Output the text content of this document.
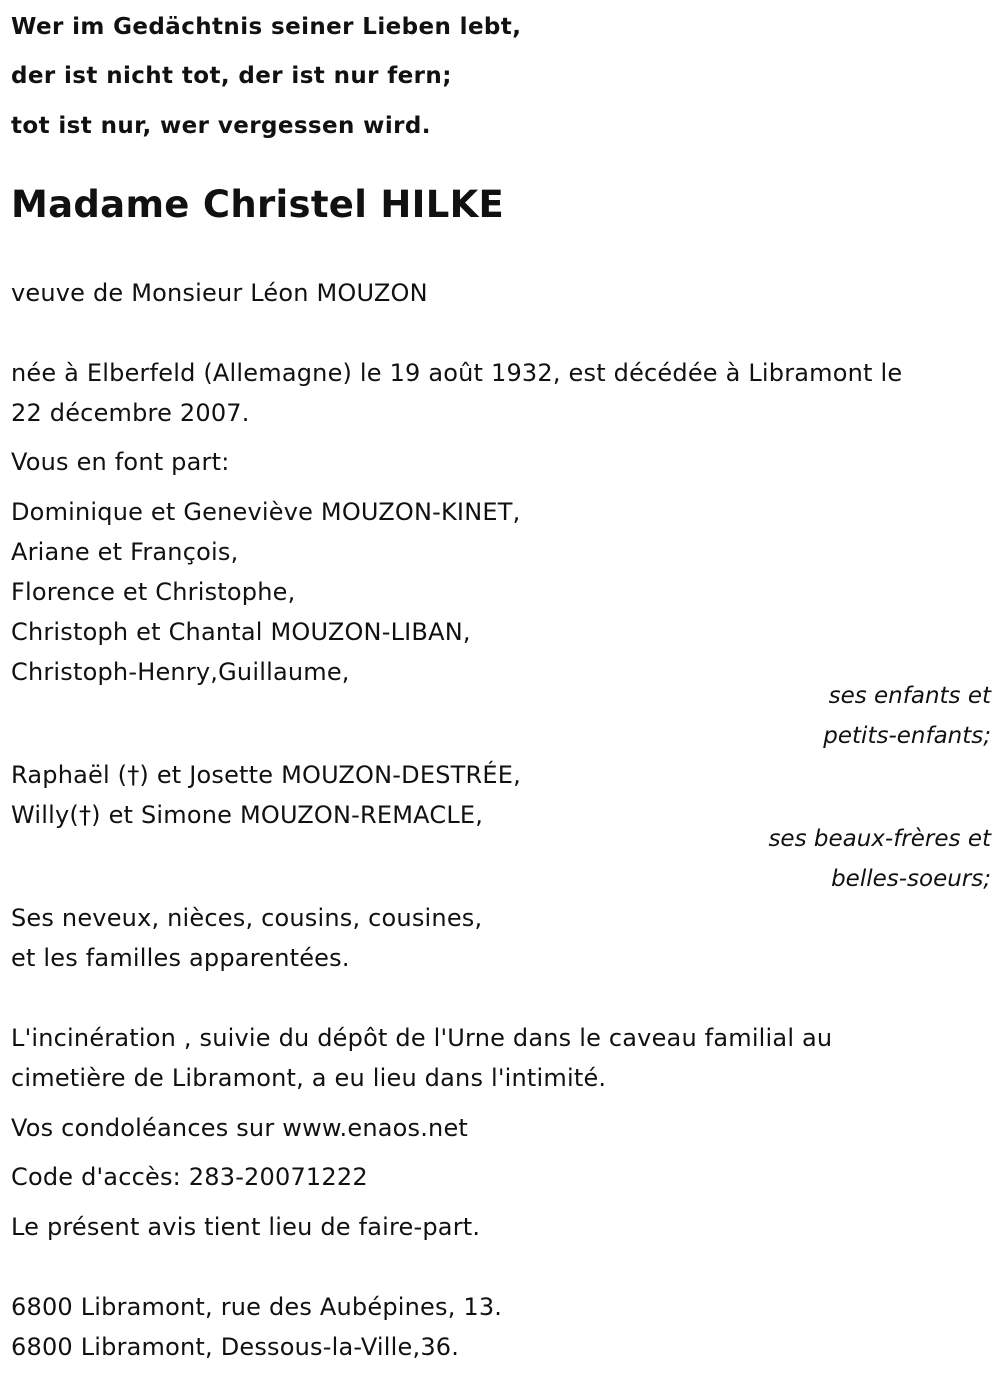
Wer im Gedächtnis seiner Lieben lebt,
der ist nicht tot, der ist nur fern;
tot ist nur, wer vergessen wird.
Madame Christel HILKE
veuve de Monsieur Léon MOUZON
née à Elberfeld (Allemagne) le 19 août 1932, est décédée à Libramont le
22 décembre 2007.
Vous en font part:
Dominique et Geneviève MOUZON-KINET,
Ariane et François,
Florence et Christophe,
Christoph et Chantal MOUZON-LIBAN,
Christoph-Henry,Guillaume,
ses enfants et
petits-enfants;
Raphaël (†) et Josette MOUZON-DESTRÉE,
Willy(†) et Simone MOUZON-REMACLE,
ses beaux-frères et
belles-soeurs;
Ses neveux, nièces, cousins, cousines,
et les familles apparentées.
L'incinération , suivie du dépôt de l'Urne dans le caveau familial au
cimetière de Libramont, a eu lieu dans l'intimité.
Vos condoléances sur www.enaos.net
Code d'accès: 283-20071222
Le présent avis tient lieu de faire-part.
6800 Libramont, rue des Aubépines, 13.
6800 Libramont, Dessous-la-Ville,36.
